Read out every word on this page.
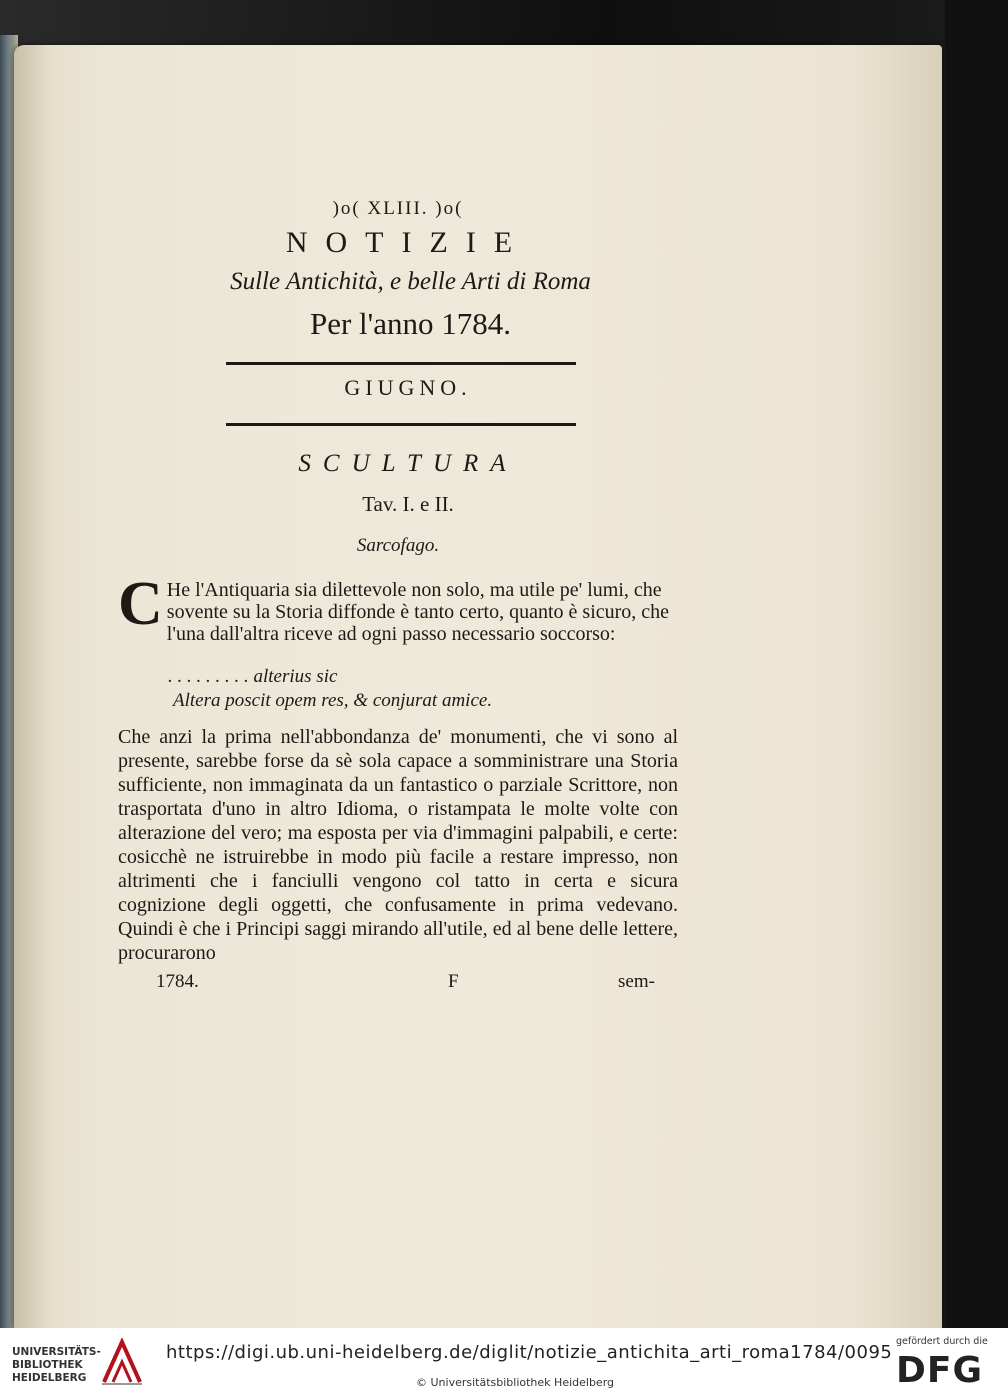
)o( XLIII. )o(
NOTIZIE
Sulle Antichità, e belle Arti di Roma
Per l'anno 1784.
GIUGNO.
SCULTURA
Tav. I. e II.
Sarcofago.
C He l'Antiquaria sia dilettevole non solo, ma utile pe' lumi, che sovente su la Storia diffonde è tanto certo, quanto è sicuro, che l'una dall'altra riceve ad ogni passo necessario soccorso:
. . . . . . . . . alterius sic
Altera poscit opem res, & conjurat amice.
Che anzi la prima nell'abbondanza de' monumenti, che vi sono al presente, sarebbe forse da sè sola capace a somministrare una Storia sufficiente, non immaginata da un fantastico o parziale Scrittore, non trasportata d'uno in altro Idioma, o ristampata le molte volte con alterazione del vero; ma esposta per via d'immagini palpabili, e certe: cosicchè ne istruirebbe in modo più facile a restare impresso, non altrimenti che i fanciulli vengono col tatto in certa e sicura cognizione degli oggetti, che confusamente in prima vedevano. Quindi è che i Principi saggi mirando all'utile, ed al bene delle lettere, procurarono
1784.	F	sem-
UNIVERSITÄTS-
BIBLIOTHEK
HEIDELBERG
https://digi.ub.uni-heidelberg.de/diglit/notizie_antichita_arti_roma1784/0095
© Universitätsbibliothek Heidelberg
gefördert durch die
DFG
